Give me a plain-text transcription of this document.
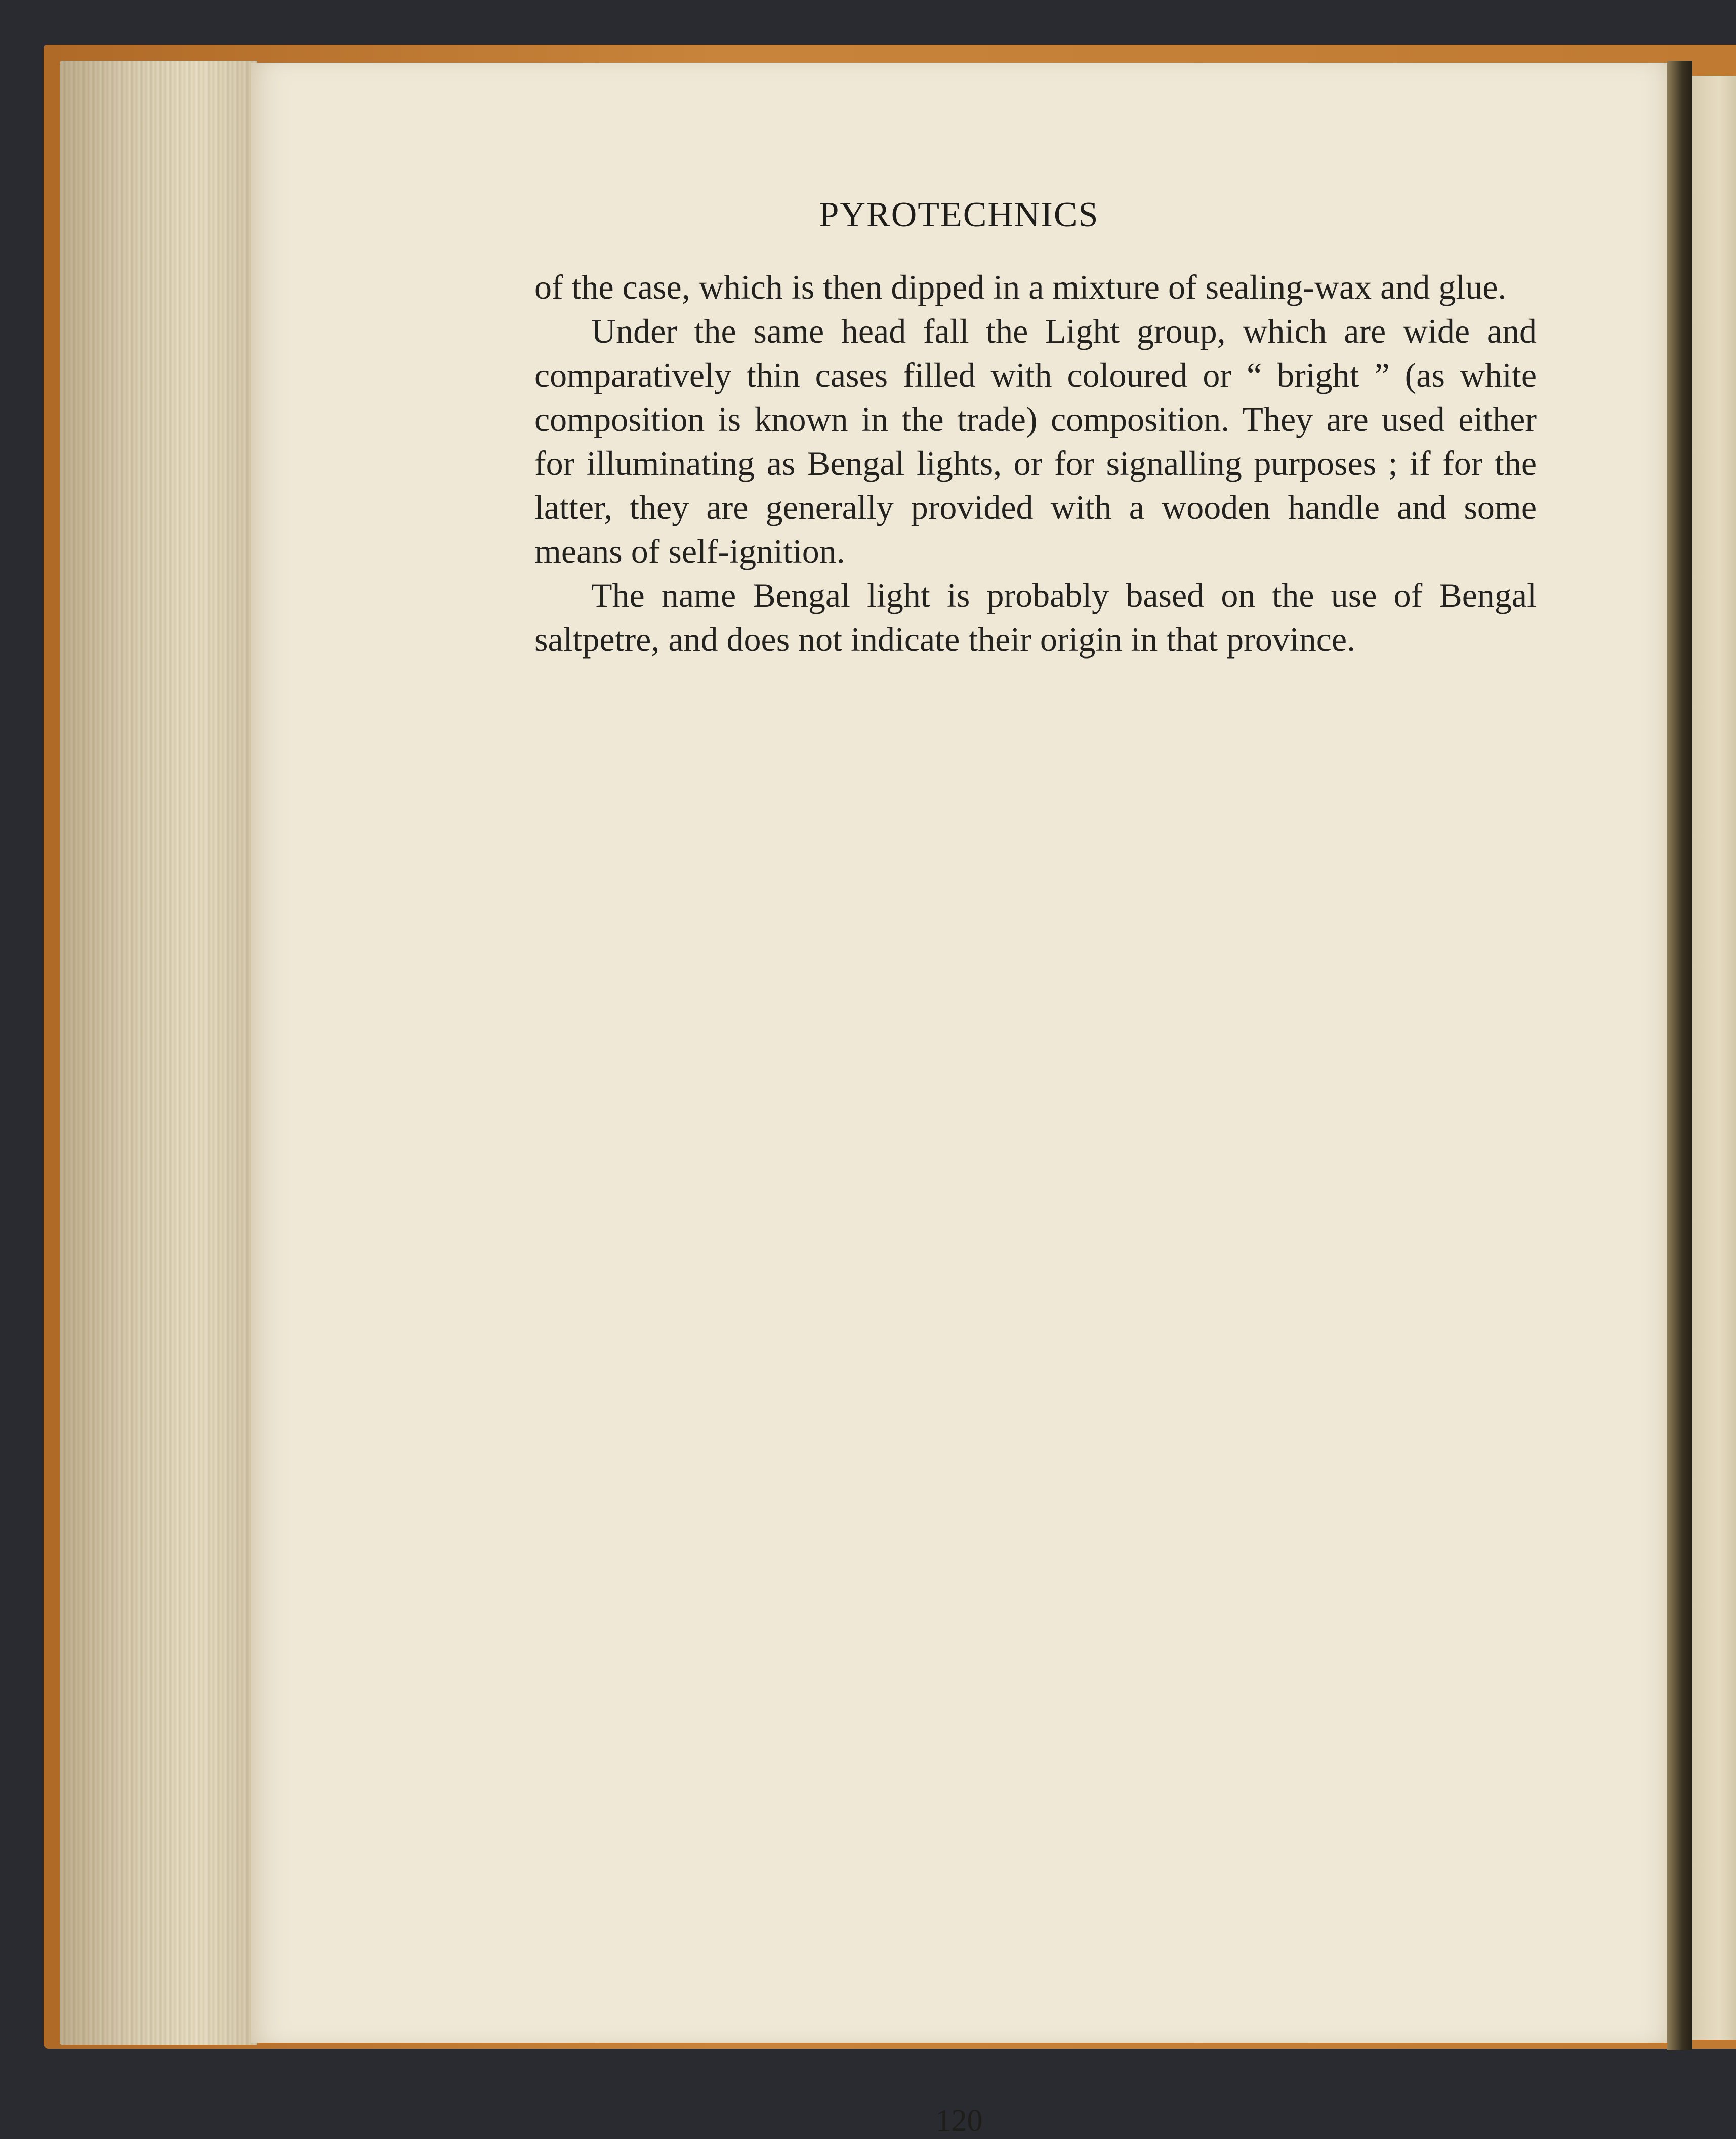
PYROTECHNICS

of the case, which is then dipped in a mixture of sealing-wax and glue.

Under the same head fall the Light group, which are wide and comparatively thin cases filled with coloured or “ bright ” (as white composition is known in the trade) composition. They are used either for illuminating as Bengal lights, or for signalling purposes ; if for the latter, they are generally provided with a wooden handle and some means of self-ignition.

The name Bengal light is probably based on the use of Bengal saltpetre, and does not indicate their origin in that province.

120
